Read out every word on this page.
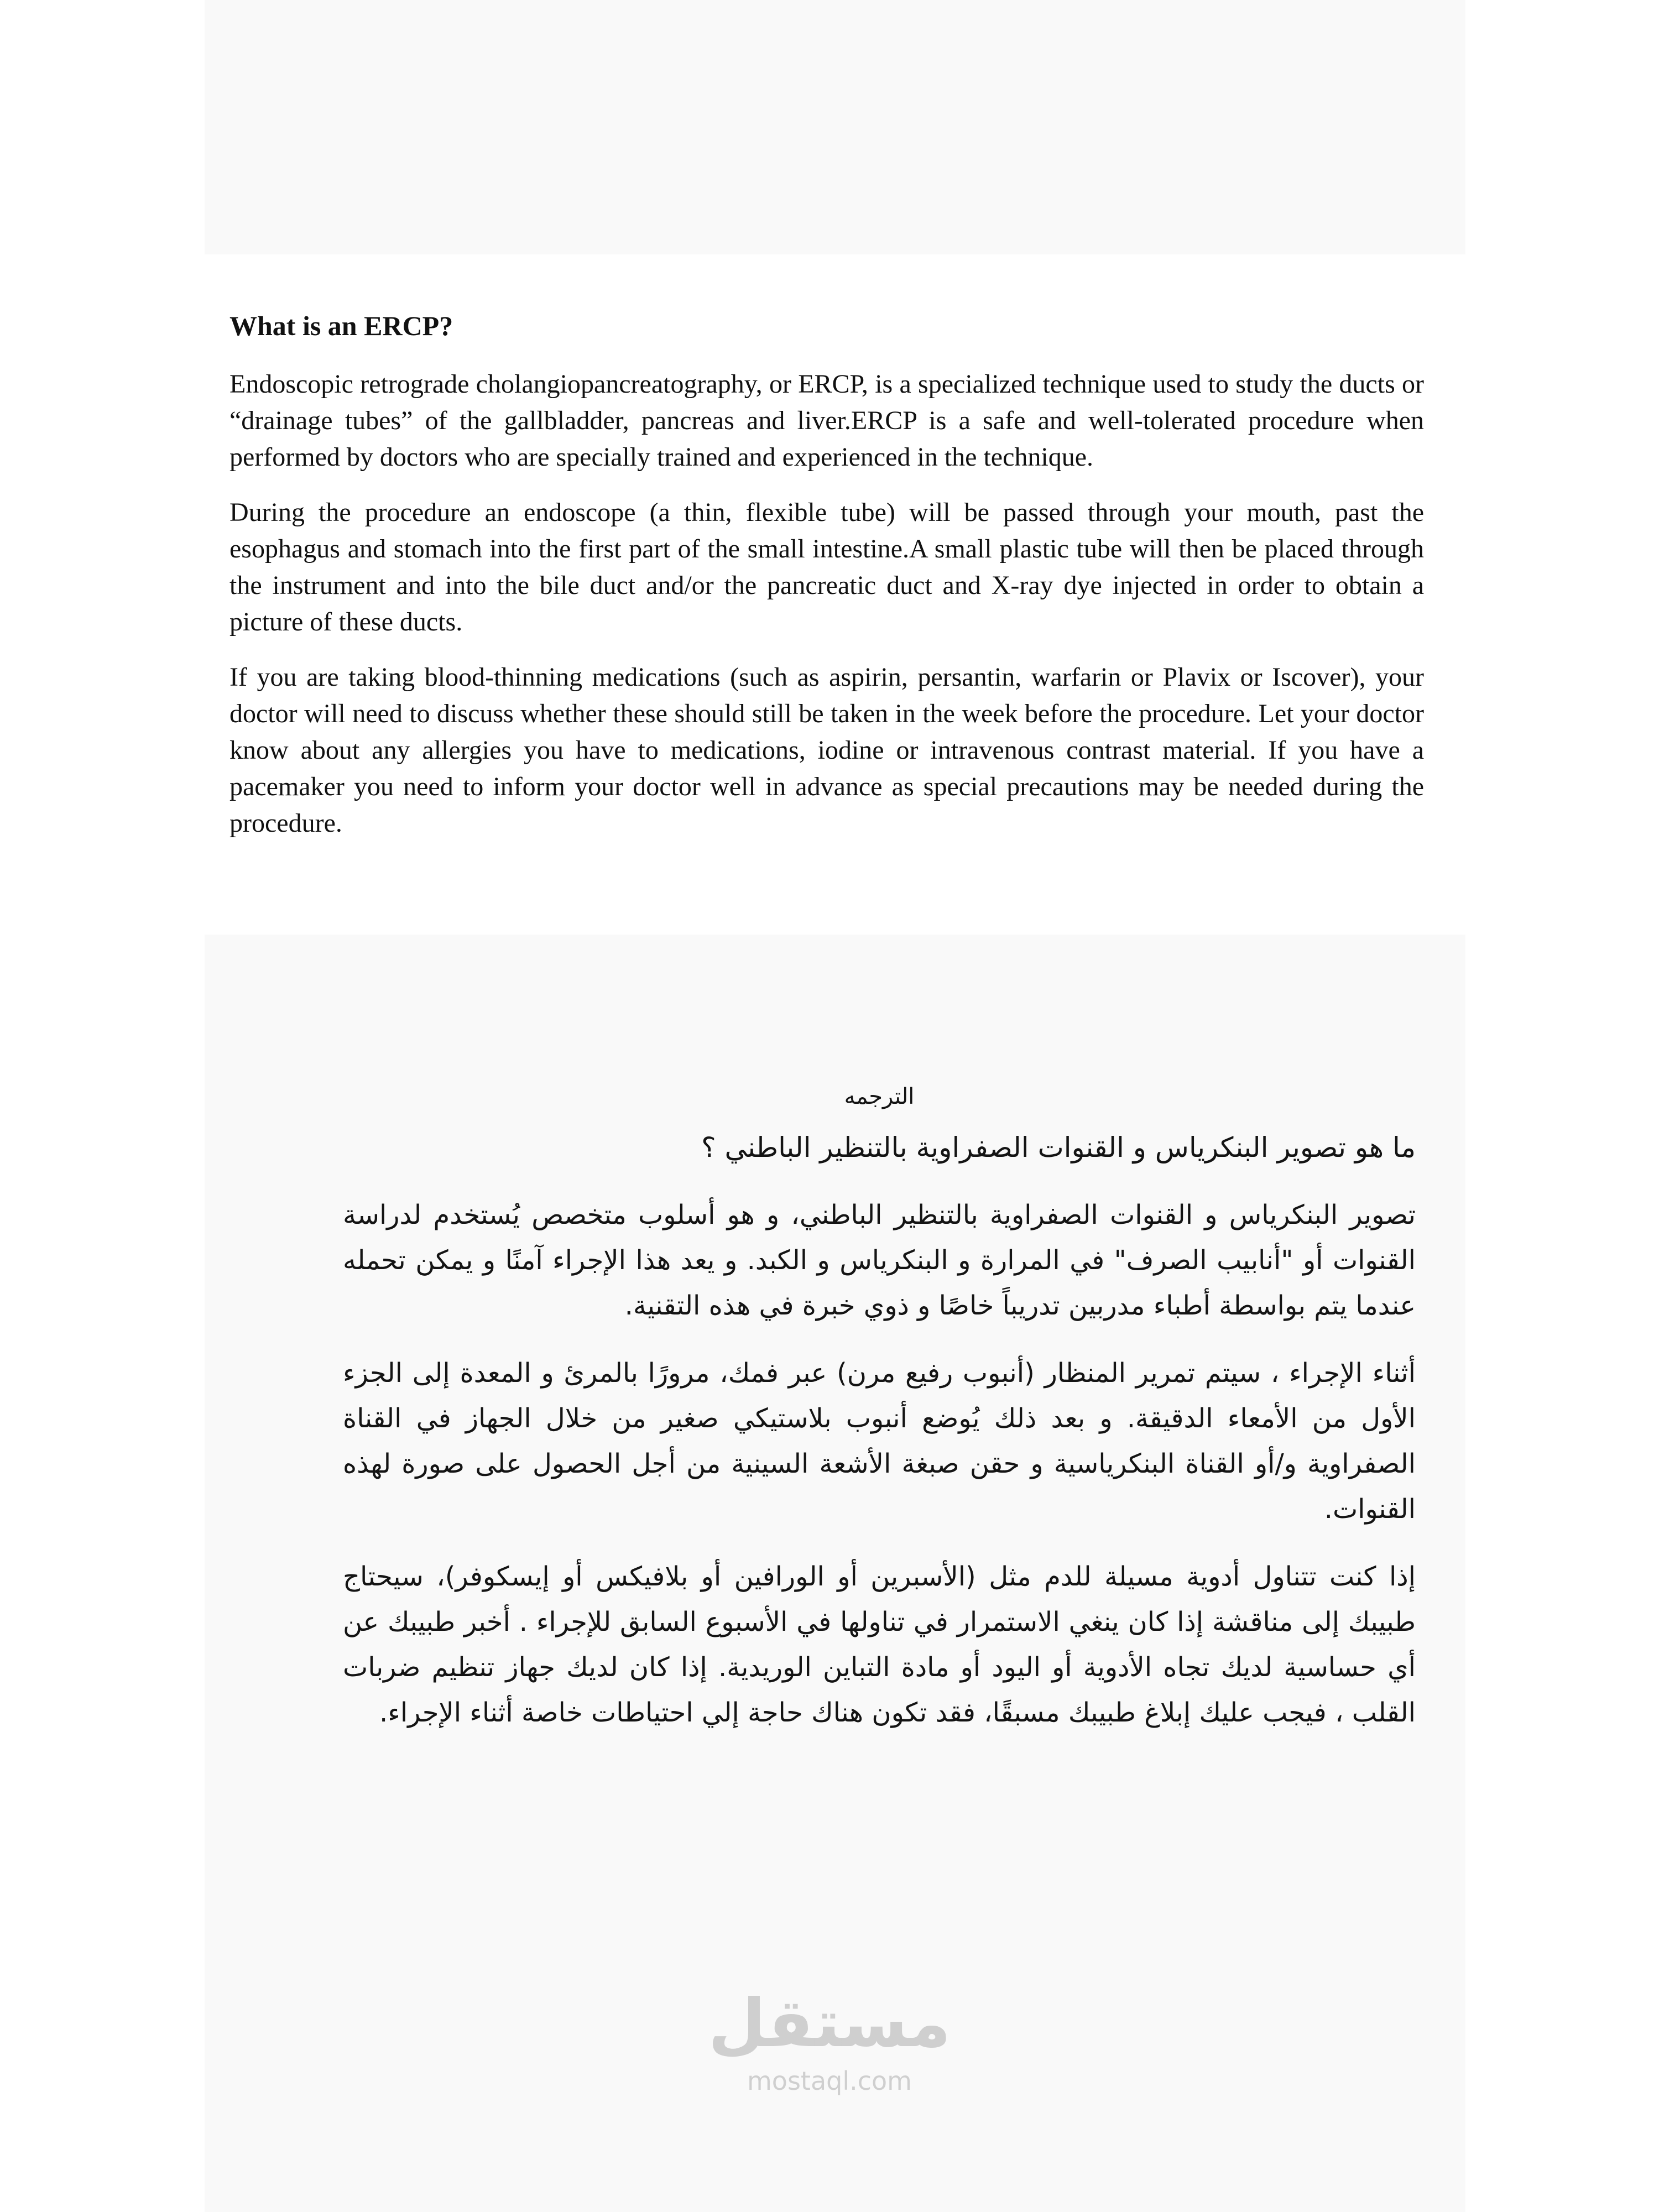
What is an ERCP?

Endoscopic retrograde cholangiopancreatography, or ERCP, is a specialized technique used to study the ducts or “drainage tubes” of the gallbladder, pancreas and liver.ERCP is a safe and well-tolerated procedure when performed by doctors who are specially trained and experienced in the technique.

During the procedure an endoscope (a thin, flexible tube) will be passed through your mouth, past the esophagus and stomach into the first part of the small intestine.A small plastic tube will then be placed through the instrument and into the bile duct and/or the pancreatic duct and X-ray dye injected in order to obtain a picture of these ducts.

If you are taking blood-thinning medications (such as aspirin, persantin, warfarin or Plavix or Iscover), your doctor will need to discuss whether these should still be taken in the week before the procedure. Let your doctor know about any allergies you have to medications, iodine or intravenous contrast material. If you have a pacemaker you need to inform your doctor well in advance as special precautions may be needed during the procedure.

الترجمه
ما هو تصوير البنكرياس و القنوات الصفراوية بالتنظير الباطني ؟

تصوير البنكرياس و القنوات الصفراوية بالتنظير الباطني، و هو أسلوب متخصص يُستخدم لدراسة القنوات أو "أنابيب الصرف" في المرارة و البنكرياس و الكبد. و يعد هذا الإجراء آمنًا و يمكن تحمله عندما يتم بواسطة أطباء مدربين تدريباً خاصًا و ذوي خبرة في هذه التقنية.

أثناء الإجراء ، سيتم تمرير المنظار (أنبوب رفيع مرن) عبر فمك، مرورًا بالمرئ و المعدة إلى الجزء الأول من الأمعاء الدقيقة. و بعد ذلك يُوضع أنبوب بلاستيكي صغير من خلال الجهاز في القناة الصفراوية و/أو القناة البنكرياسية و حقن صبغة الأشعة السينية من أجل الحصول على صورة لهذه القنوات.

إذا كنت تتناول أدوية مسيلة للدم مثل (الأسبرين أو الورافين أو بلافيكس أو إيسكوفر)، سيحتاج طبيبك إلى مناقشة إذا كان ينغي الاستمرار في تناولها في الأسبوع السابق للإجراء . أخبر طبيبك عن أي حساسية لديك تجاه الأدوية أو اليود أو مادة التباين الوريدية. إذا كان لديك جهاز تنظيم ضربات القلب ، فيجب عليك إبلاغ طبيبك مسبقًا، فقد تكون هناك حاجة إلي احتياطات خاصة أثناء الإجراء.

مستقل
mostaql.com
